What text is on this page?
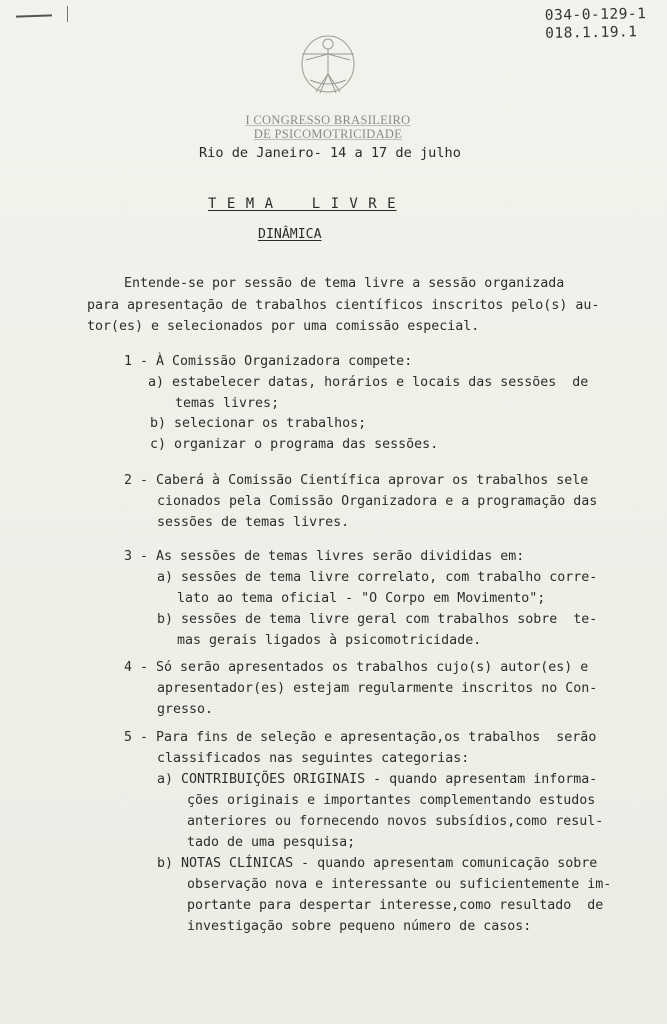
034-0-129-1
018.1.19.1
I CONGRESSO BRASILEIRO
DE PSICOMOTRICIDADE
Rio de Janeiro- 14 a 17 de julho
T E M A    L I V R E
DINÂMICA
Entende-se por sessão de tema livre a sessão organizada
para apresentação de trabalhos científicos inscritos pelo(s) au-
tor(es) e selecionados por uma comissão especial.
1 - À Comissão Organizadora compete:
a) estabelecer datas, horários e locais das sessões  de
temas livres;
b) selecionar os trabalhos;
c) organizar o programa das sessões.
2 - Caberá à Comissão Científica aprovar os trabalhos sele
cionados pela Comissão Organizadora e a programação das
sessões de temas livres.
3 - As sessões de temas livres serão divididas em:
a) sessões de tema livre correlato, com trabalho corre-
lato ao tema oficial - "O Corpo em Movimento";
b) sessões de tema livre geral com trabalhos sobre  te-
mas gerais ligados à psicomotricidade.
4 - Só serão apresentados os trabalhos cujo(s) autor(es) e
apresentador(es) estejam regularmente inscritos no Con-
gresso.
5 - Para fins de seleção e apresentação,os trabalhos  serão
classificados nas seguintes categorias:
a) CONTRIBUIÇÕES ORIGINAIS - quando apresentam informa-
ções originais e importantes complementando estudos
anteriores ou fornecendo novos subsídios,como resul-
tado de uma pesquisa;
b) NOTAS CLÍNICAS - quando apresentam comunicação sobre
observação nova e interessante ou suficientemente im-
portante para despertar interesse,como resultado  de
investigação sobre pequeno número de casos:
